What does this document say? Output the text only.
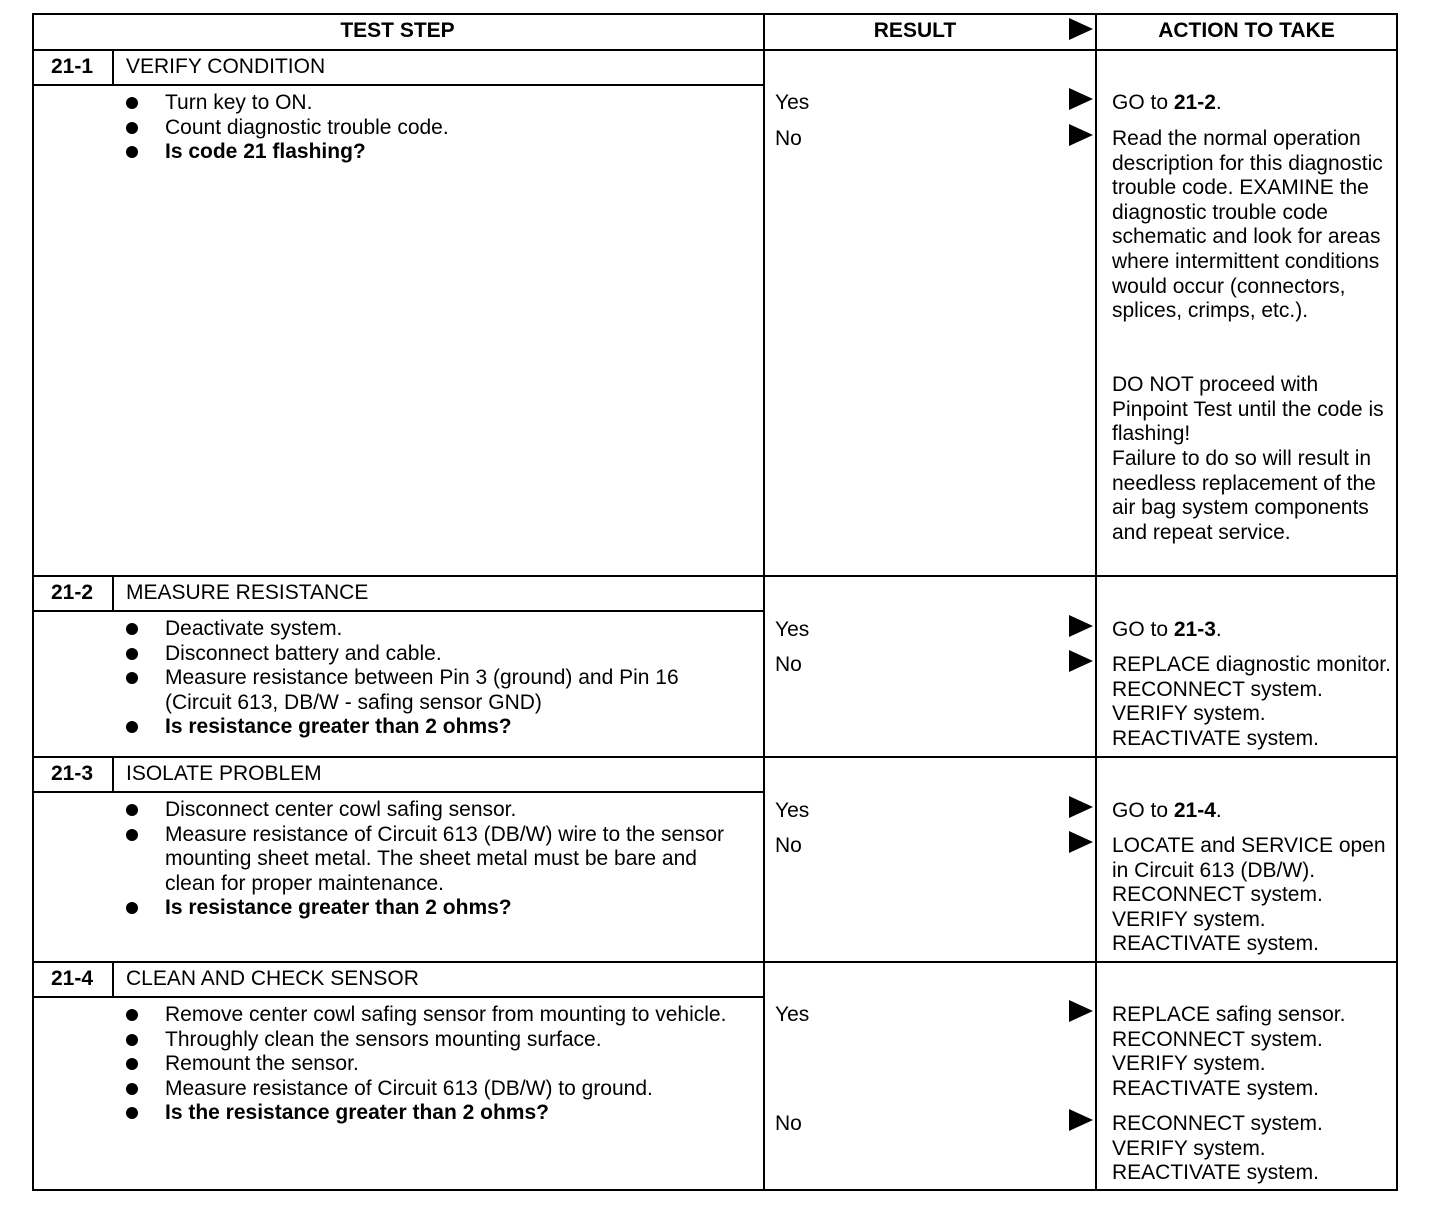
TEST STEP	RESULT	ACTION TO TAKE
21-1	VERIFY CONDITION
Turn key to ON.
Count diagnostic trouble code.
Is code 21 flashing?
Yes	GO to 21-2.
No	Read the normal operation description for this diagnostic trouble code. EXAMINE the diagnostic trouble code schematic and look for areas where intermittent conditions would occur (connectors, splices, crimps, etc.).
DO NOT proceed with Pinpoint Test until the code is flashing!
Failure to do so will result in needless replacement of the air bag system components and repeat service.
21-2	MEASURE RESISTANCE
Deactivate system.
Disconnect battery and cable.
Measure resistance between Pin 3 (ground) and Pin 16 (Circuit 613, DB/W - safing sensor GND)
Is resistance greater than 2 ohms?
Yes	GO to 21-3.
No	REPLACE diagnostic monitor. RECONNECT system. VERIFY system. REACTIVATE system.
21-3	ISOLATE PROBLEM
Disconnect center cowl safing sensor.
Measure resistance of Circuit 613 (DB/W) wire to the sensor mounting sheet metal. The sheet metal must be bare and clean for proper maintenance.
Is resistance greater than 2 ohms?
Yes	GO to 21-4.
No	LOCATE and SERVICE open in Circuit 613 (DB/W). RECONNECT system. VERIFY system. REACTIVATE system.
21-4	CLEAN AND CHECK SENSOR
Remove center cowl safing sensor from mounting to vehicle.
Throughly clean the sensors mounting surface.
Remount the sensor.
Measure resistance of Circuit 613 (DB/W) to ground.
Is the resistance greater than 2 ohms?
Yes	REPLACE safing sensor. RECONNECT system. VERIFY system. REACTIVATE system.
No	RECONNECT system. VERIFY system. REACTIVATE system.
